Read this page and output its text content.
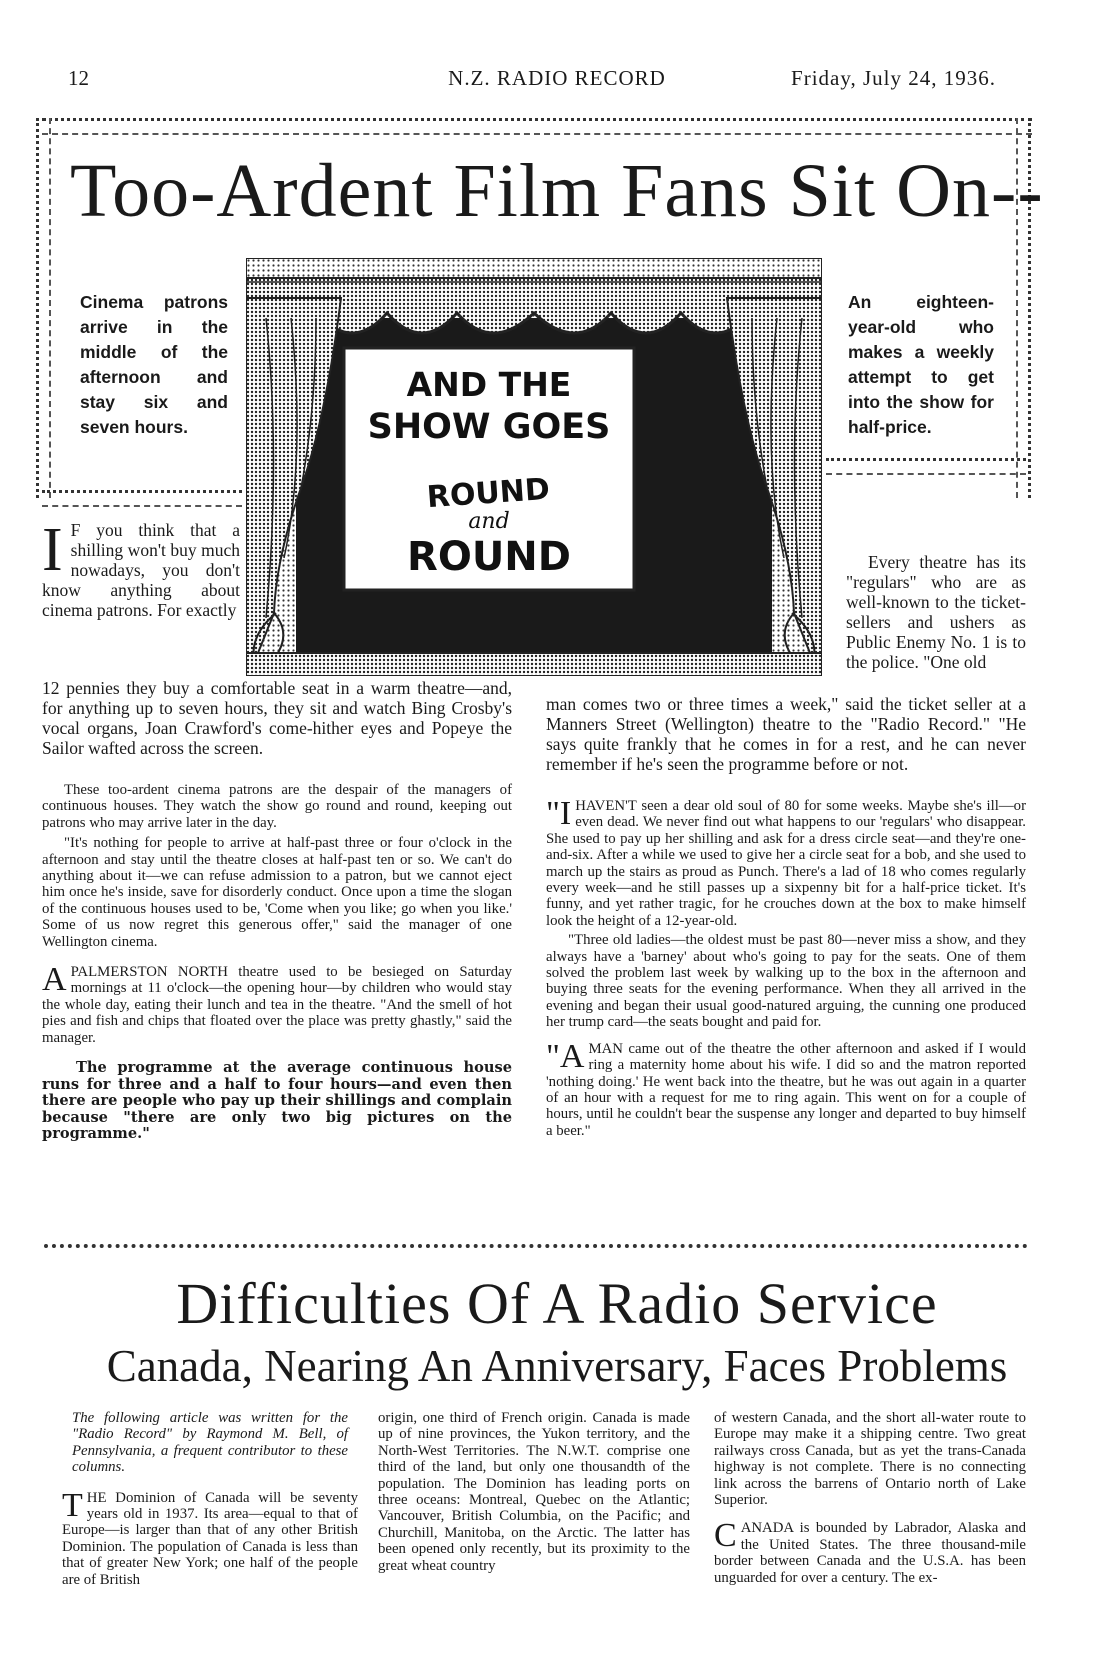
12	N.Z. RADIO RECORD	Friday, July 24, 1936.
Too-Ardent Film Fans Sit On--
Cinema patrons arrive in the middle of the afternoon and stay six and seven hours.
An eighteen-year-old who makes a weekly attempt to get into the show for half-price.
AND THE
SHOW GOES
ROUND
and
ROUND
I F you think that a shilling won't buy much nowadays, you don't know anything about cinema patrons. For exactly

12 pennies they buy a comfortable seat in a warm theatre—and, for anything up to seven hours, they sit and watch Bing Crosby's vocal organs, Joan Crawford's come-hither eyes and Popeye the Sailor wafted across the screen.

These too-ardent cinema patrons are the despair of the managers of continuous houses. They watch the show go round and round, keeping out patrons who may arrive later in the day.

"It's nothing for people to arrive at half-past three or four o'clock in the afternoon and stay until the theatre closes at half-past ten or so. We can't do anything about it—we can refuse admission to a patron, but we cannot eject him once he's inside, save for disorderly conduct. Once upon a time the slogan of the continuous houses used to be, 'Come when you like; go when you like.' Some of us now regret this generous offer," said the manager of one Wellington cinema.

APALMERSTON NORTH theatre used to be besieged on Saturday mornings at 11 o'clock—the opening hour—by children who would stay the whole day, eating their lunch and tea in the theatre. "And the smell of hot pies and fish and chips that floated over the place was pretty ghastly," said the manager.

The programme at the average continuous house runs for three and a half to four hours—and even then there are people who pay up their shillings and complain because "there are only two big pictures on the programme."

Every theatre has its "regulars" who are as well-known to the ticket-sellers and ushers as Public Enemy No. 1 is to the police. "One old

man comes two or three times a week," said the ticket seller at a Manners Street (Wellington) theatre to the "Radio Record." "He says quite frankly that he comes in for a rest, and he can never remember if he's seen the programme before or not.

"IHAVEN'T seen a dear old soul of 80 for some weeks. Maybe she's ill—or even dead. We never find out what happens to our 'regulars' who disappear. She used to pay up her shilling and ask for a dress circle seat—and they're one-and-six. After a while we used to give her a circle seat for a bob, and she used to march up the stairs as proud as Punch. There's a lad of 18 who comes regularly every week—and he still passes up a sixpenny bit for a half-price ticket. It's funny, and yet rather tragic, for he crouches down at the box to make himself look the height of a 12-year-old.

"Three old ladies—the oldest must be past 80—never miss a show, and they always have a 'barney' about who's going to pay for the seats. One of them solved the problem last week by walking up to the box in the afternoon and buying three seats for the evening performance. When they all arrived in the evening and began their usual good-natured arguing, the cunning one produced her trump card—the seats bought and paid for.

"AMAN came out of the theatre the other afternoon and asked if I would ring a maternity home about his wife. I did so and the matron reported 'nothing doing.' He went back into the theatre, but he was out again in a quarter of an hour with a request for me to ring again. This went on for a couple of hours, until he couldn't bear the suspense any longer and departed to buy himself a beer."

Difficulties Of A Radio Service
Canada, Nearing An Anniversary, Faces Problems

The following article was written for the "Radio Record" by Raymond M. Bell, of Pennsylvania, a frequent contributor to these columns.

THE Dominion of Canada will be seventy years old in 1937. Its area—equal to that of Europe—is larger than that of any other British Dominion. The population of Canada is less than that of greater New York; one half of the people are of British

origin, one third of French origin. Canada is made up of nine provinces, the Yukon territory, and the North-West Territories. The N.W.T. comprise one third of the land, but only one thousandth of the population. The Dominion has leading ports on three oceans: Montreal, Quebec on the Atlantic; Vancouver, British Columbia, on the Pacific; and Churchill, Manitoba, on the Arctic. The latter has been opened only recently, but its proximity to the great wheat country

of western Canada, and the short all-water route to Europe may make it a shipping centre. Two great railways cross Canada, but as yet the trans-Canada highway is not complete. There is no connecting link across the barrens of Ontario north of Lake Superior.

CANADA is bounded by Labrador, Alaska and the United States. The three thousand-mile border between Canada and the U.S.A. has been unguarded for over a century. The ex-
